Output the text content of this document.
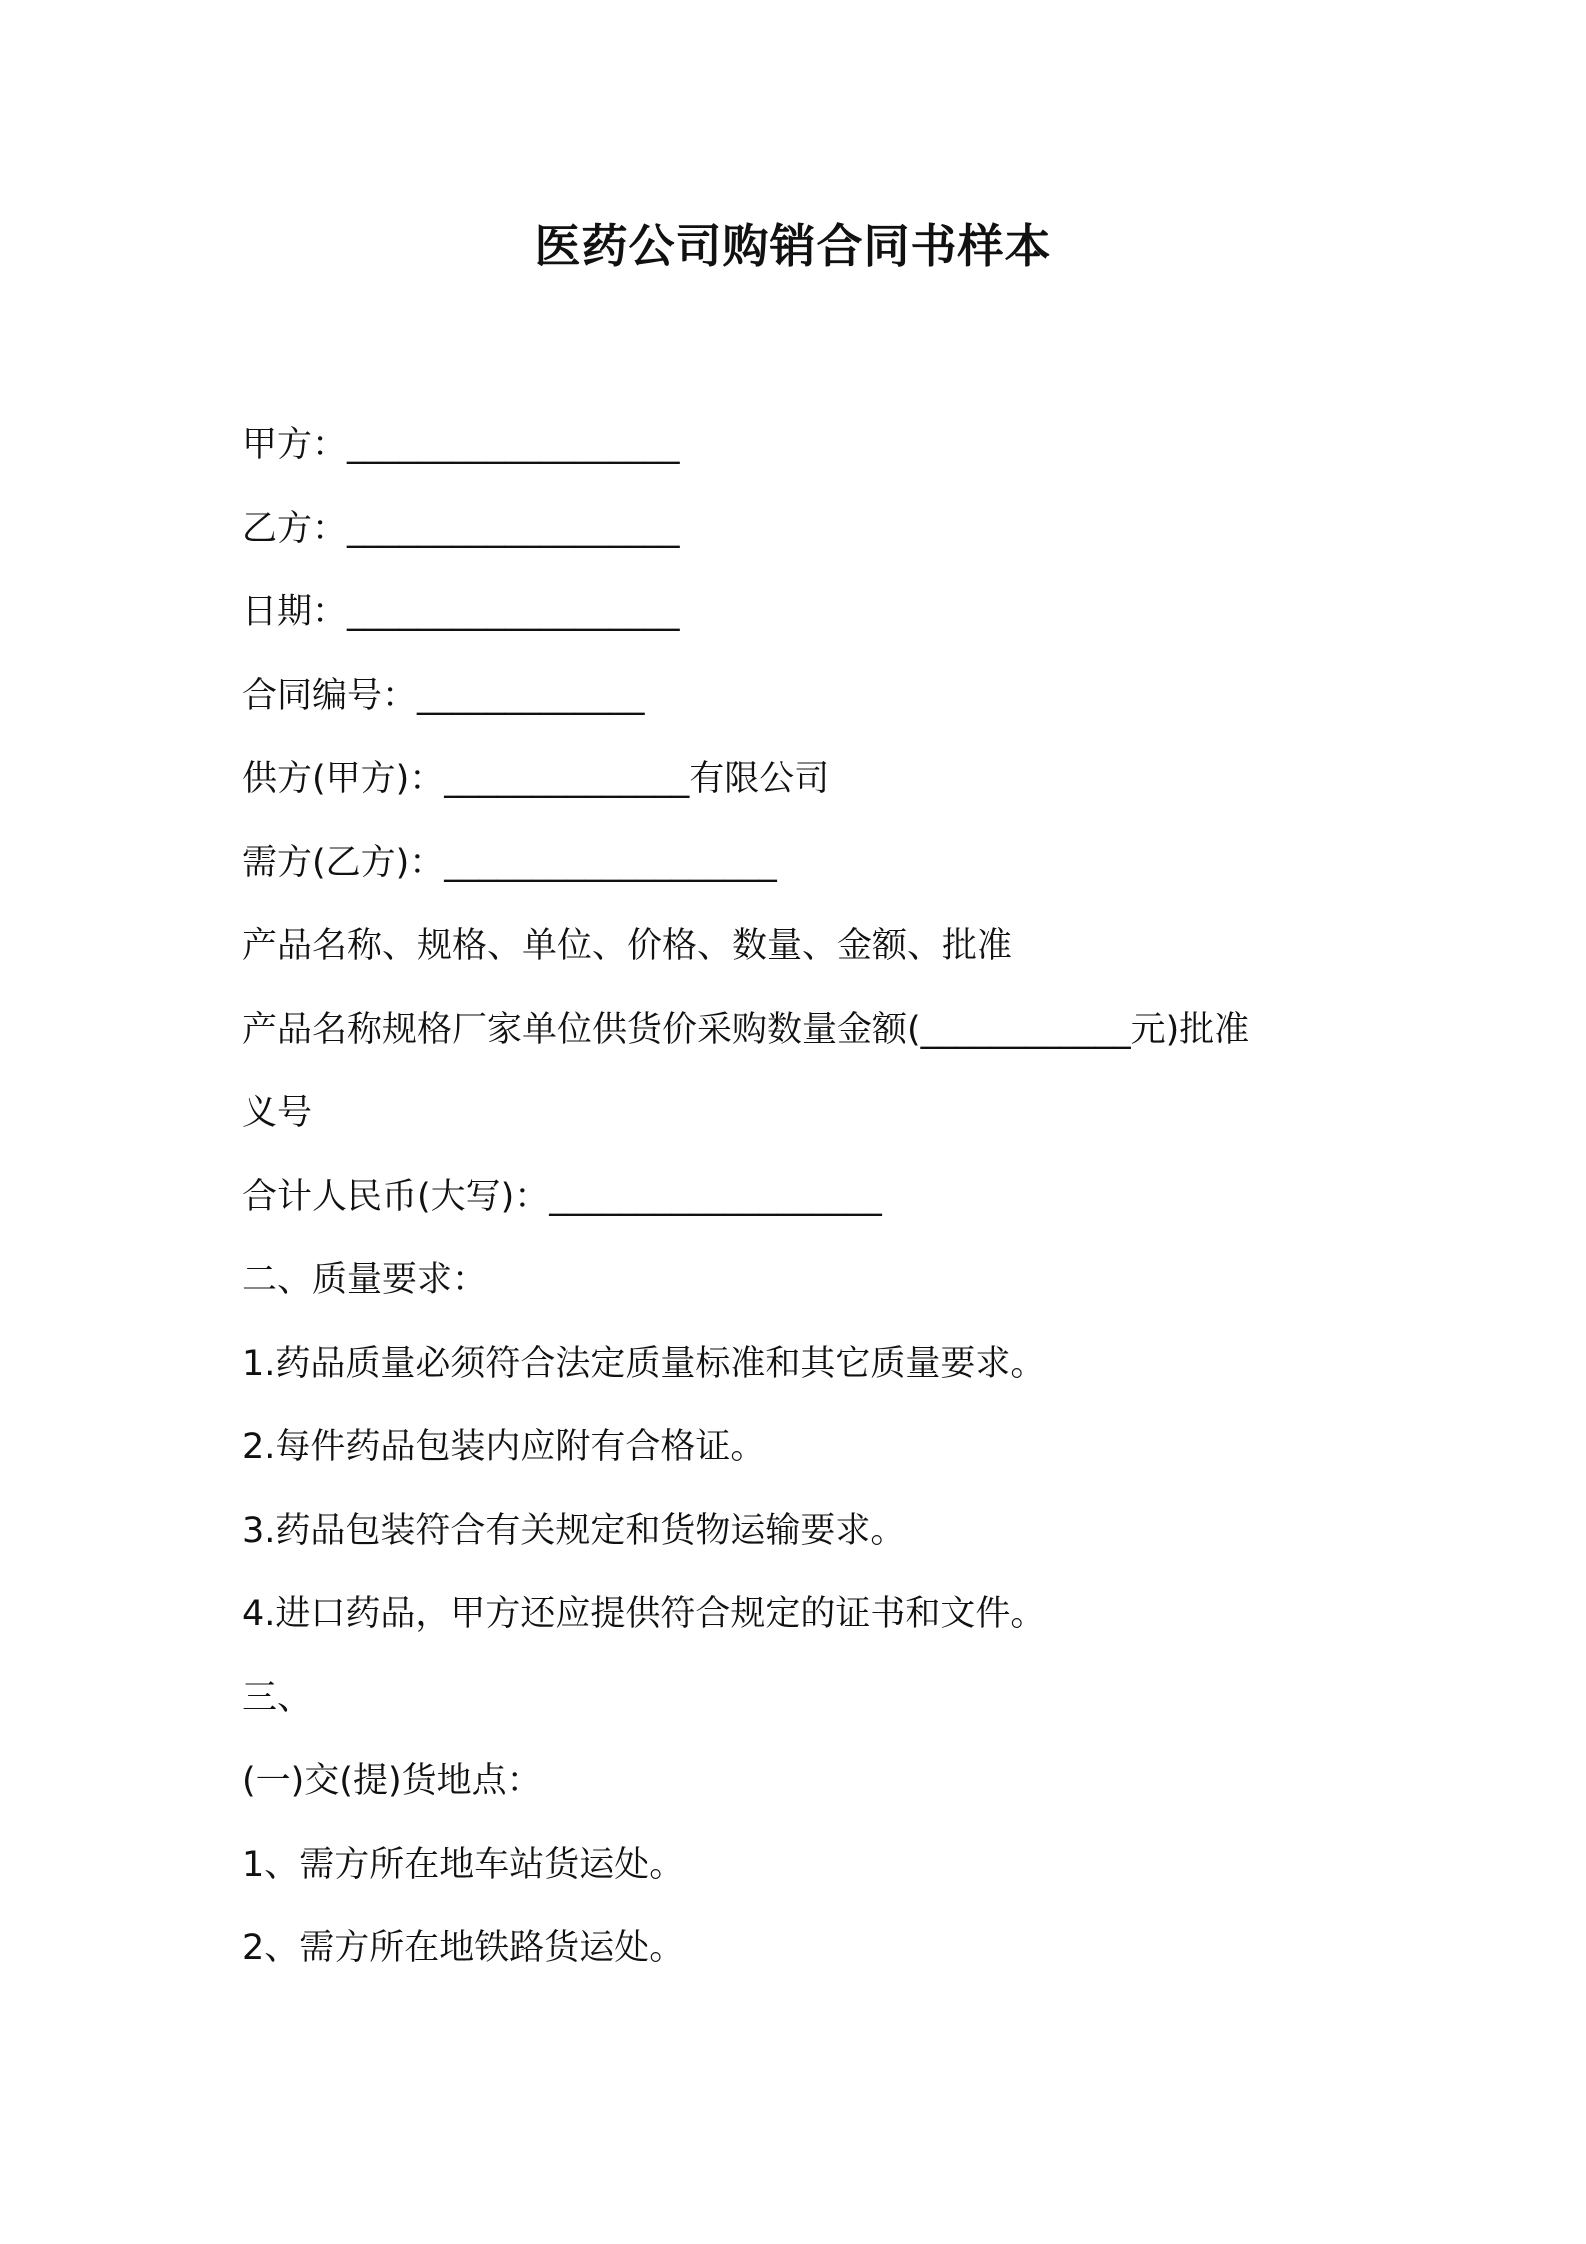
医药公司购销合同书样本

甲方：___________________

乙方：___________________

日期：___________________

合同编号：_____________

供方(甲方)：______________有限公司

需方(乙方)：___________________

产品名称、规格、单位、价格、数量、金额、批准

产品名称规格厂家单位供货价采购数量金额(____________元)批准

义号

合计人民币(大写)：___________________

二、质量要求：

1.药品质量必须符合法定质量标准和其它质量要求。

2.每件药品包装内应附有合格证。

3.药品包装符合有关规定和货物运输要求。

4.进口药品，甲方还应提供符合规定的证书和文件。

三、

(一)交(提)货地点：

1、需方所在地车站货运处。

2、需方所在地铁路货运处。
